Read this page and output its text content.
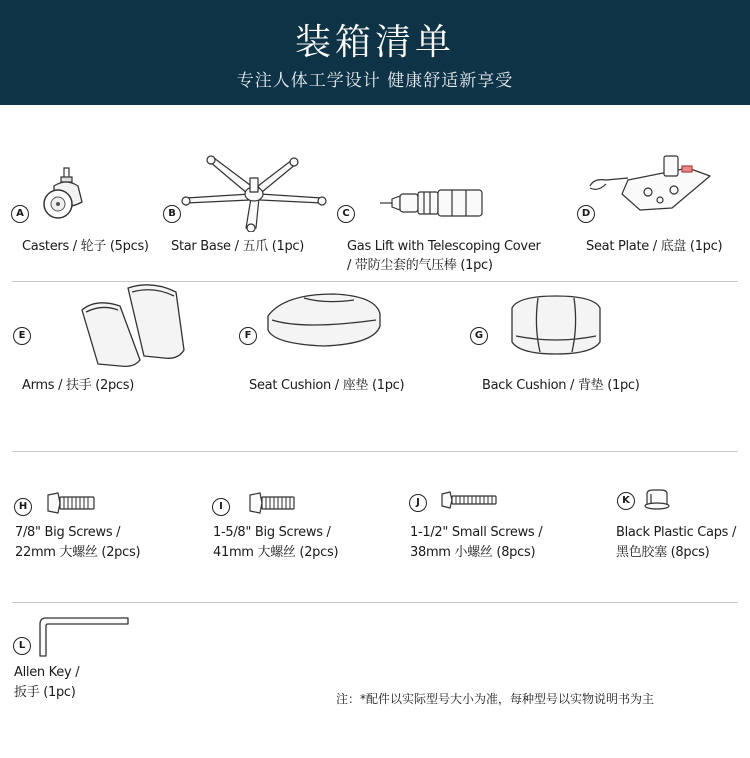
装箱清单
专注人体工学设计 健康舒适新享受
A
Casters / 轮子 (5pcs)
B
Star Base / 五爪 (1pc)
C
Gas Lift with Telescoping Cover
/ 带防尘套的气压棒 (1pc)
D
Seat Plate / 底盘 (1pc)
E
Arms / 扶手 (2pcs)
F
Seat Cushion / 座垫 (1pc)
G
Back Cushion / 背垫 (1pc)
H
7/8" Big Screws /
22mm 大螺丝 (2pcs)
I
1-5/8" Big Screws /
41mm 大螺丝 (2pcs)
J
1-1/2" Small Screws /
38mm 小螺丝 (8pcs)
K
Black Plastic Caps /
黑色胶塞 (8pcs)
L
Allen Key /
扳手 (1pc)	注：*配件以实际型号大小为准，每种型号以实物说明书为主
